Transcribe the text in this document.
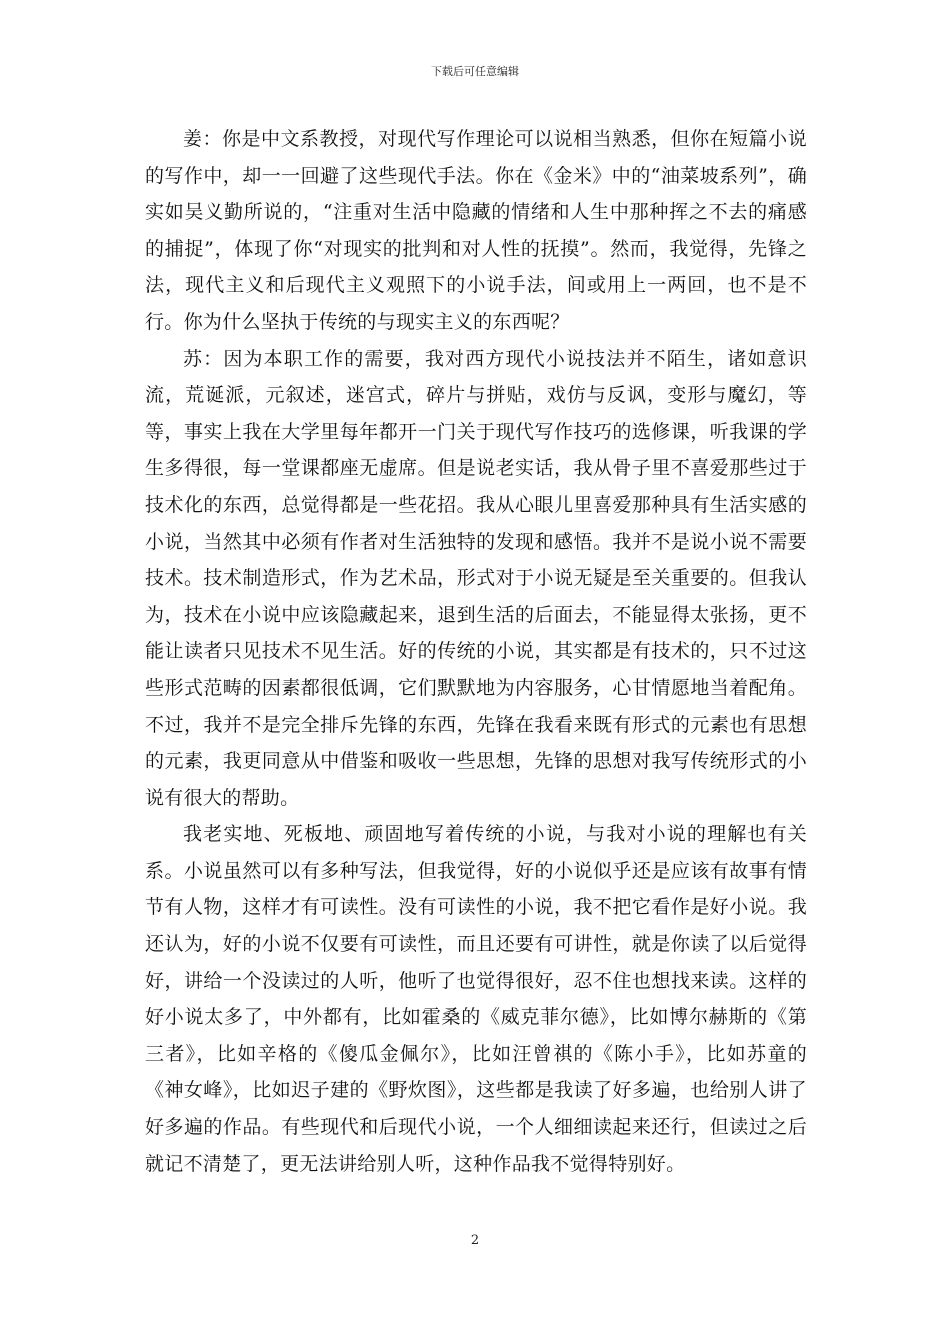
下载后可任意编辑

姜：你是中文系教授，对现代写作理论可以说相当熟悉，但你在短篇小说的写作中，却一一回避了这些现代手法。你在《金米》中的“油菜坡系列”，确实如吴义勤所说的，“注重对生活中隐藏的情绪和人生中那种挥之不去的痛感的捕捉”，体现了你“对现实的批判和对人性的抚摸”。然而，我觉得，先锋之法，现代主义和后现代主义观照下的小说手法，间或用上一两回，也不是不行。你为什么坚执于传统的与现实主义的东西呢？

苏：因为本职工作的需要，我对西方现代小说技法并不陌生，诸如意识流，荒诞派，元叙述，迷宫式，碎片与拼贴，戏仿与反讽，变形与魔幻，等等，事实上我在大学里每年都开一门关于现代写作技巧的选修课，听我课的学生多得很，每一堂课都座无虚席。但是说老实话，我从骨子里不喜爱那些过于技术化的东西，总觉得都是一些花招。我从心眼儿里喜爱那种具有生活实感的小说，当然其中必须有作者对生活独特的发现和感悟。我并不是说小说不需要技术。技术制造形式，作为艺术品，形式对于小说无疑是至关重要的。但我认为，技术在小说中应该隐藏起来，退到生活的后面去，不能显得太张扬，更不能让读者只见技术不见生活。好的传统的小说，其实都是有技术的，只不过这些形式范畴的因素都很低调，它们默默地为内容服务，心甘情愿地当着配角。不过，我并不是完全排斥先锋的东西，先锋在我看来既有形式的元素也有思想的元素，我更同意从中借鉴和吸收一些思想，先锋的思想对我写传统形式的小说有很大的帮助。

我老实地、死板地、顽固地写着传统的小说，与我对小说的理解也有关系。小说虽然可以有多种写法，但我觉得，好的小说似乎还是应该有故事有情节有人物，这样才有可读性。没有可读性的小说，我不把它看作是好小说。我还认为，好的小说不仅要有可读性，而且还要有可讲性，就是你读了以后觉得好，讲给一个没读过的人听，他听了也觉得很好，忍不住也想找来读。这样的好小说太多了，中外都有，比如霍桑的《威克菲尔德》，比如博尔赫斯的《第三者》，比如辛格的《傻瓜金佩尔》，比如汪曾祺的《陈小手》，比如苏童的《神女峰》，比如迟子建的《野炊图》，这些都是我读了好多遍，也给别人讲了好多遍的作品。有些现代和后现代小说，一个人细细读起来还行，但读过之后就记不清楚了，更无法讲给别人听，这种作品我不觉得特别好。

2
